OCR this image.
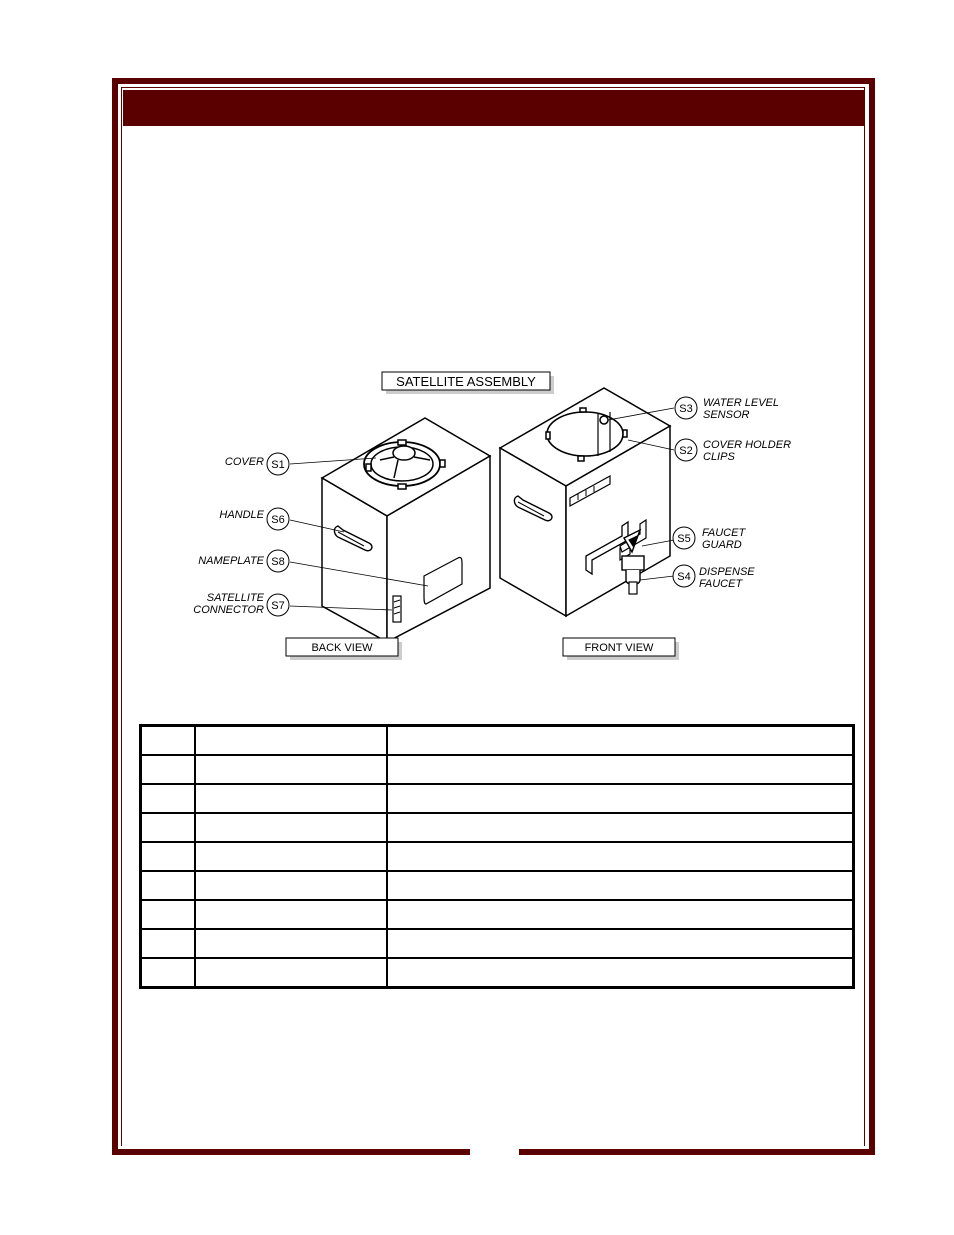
SATELLITE ASSEMBLY
S1
COVER
S6
HANDLE
S8
NAMEPLATE
S7
SATELLITE
CONNECTOR
S3 WATER LEVEL
SENSOR
S2 COVER HOLDER
CLIPS
S5 FAUCET
GUARD
S4 DISPENSE
FAUCET
BACK VIEW	FRONT VIEW
